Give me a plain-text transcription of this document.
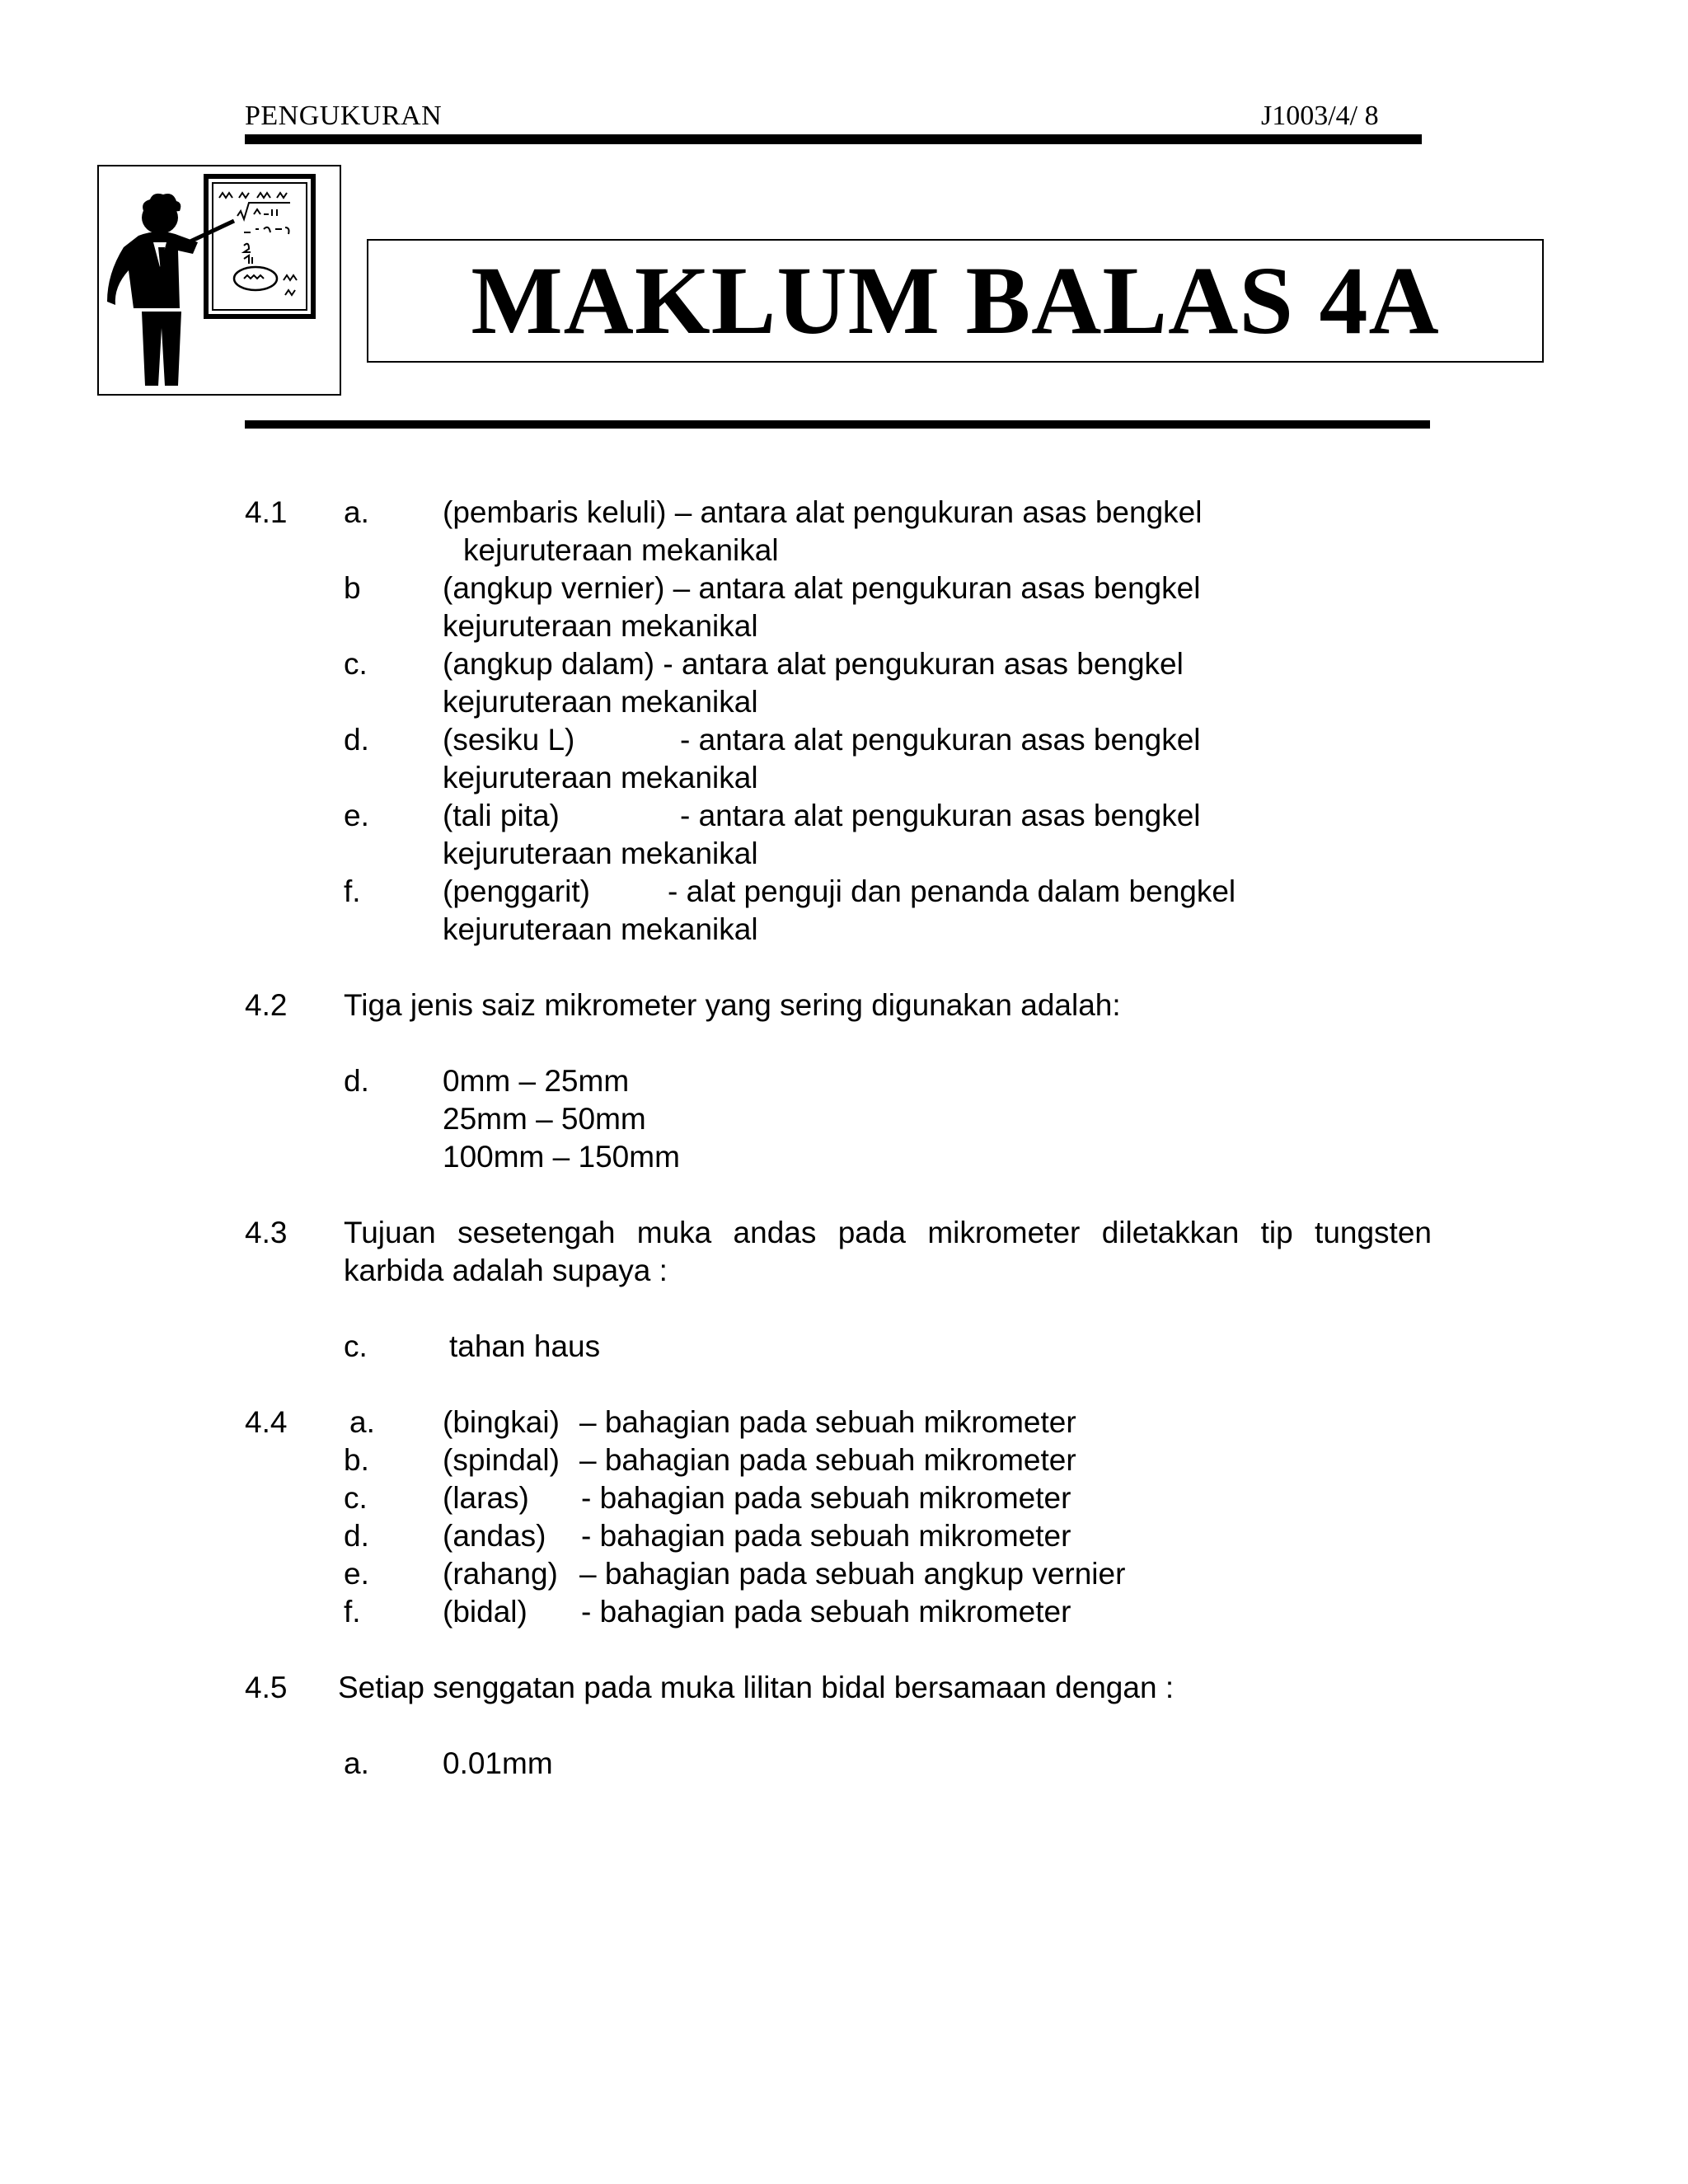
PENGUKURAN	J1003/4/ 8
MAKLUM BALAS 4A
4.1 a. (pembaris keluli) – antara alat pengukuran asas bengkel
kejuruteraan mekanikal
b	(angkup vernier) – antara alat pengukuran asas bengkel
kejuruteraan mekanikal
c. (angkup dalam) - antara alat pengukuran asas bengkel
kejuruteraan mekanikal
d. (sesiku L)	- antara alat pengukuran asas bengkel
kejuruteraan mekanikal
e. (tali pita)	- antara alat pengukuran asas bengkel
kejuruteraan mekanikal
f.	(penggarit)	- alat penguji dan penanda dalam bengkel
kejuruteraan mekanikal
4.2 Tiga jenis saiz mikrometer yang sering digunakan adalah:
d. 0mm – 25mm
25mm – 50mm
100mm – 150mm
4.3 Tujuan sesetengah muka andas pada mikrometer diletakkan tip tungsten
karbida adalah supaya :
c.	tahan haus
4.4 a. (bingkai) – bahagian pada sebuah mikrometer
b. (spindal) – bahagian pada sebuah mikrometer
c. (laras) - bahagian pada sebuah mikrometer
d. (andas) - bahagian pada sebuah mikrometer
e. (rahang) – bahagian pada sebuah angkup vernier
f.	(bidal) - bahagian pada sebuah mikrometer
4.5 Setiap senggatan pada muka lilitan bidal bersamaan dengan :
a. 0.01mm
